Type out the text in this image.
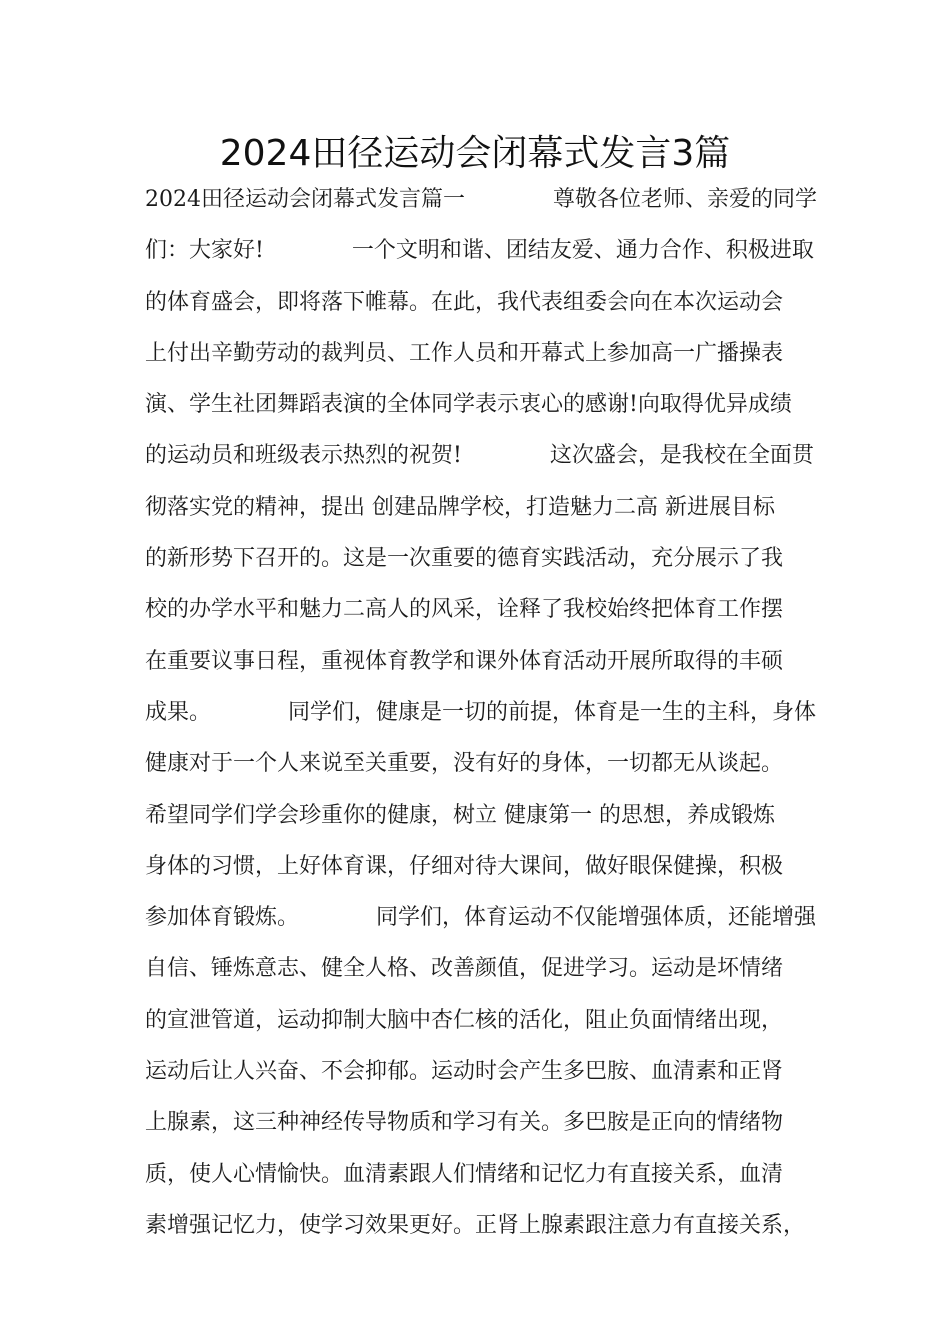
2024田径运动会闭幕式发言3篇
2024田径运动会闭幕式发言篇一　　　　尊敬各位老师、亲爱的同学
们：大家好!　　　　一个文明和谐、团结友爱、通力合作、积极进取
的体育盛会，即将落下帷幕。在此，我代表组委会向在本次运动会
上付出辛勤劳动的裁判员、工作人员和开幕式上参加高一广播操表
演、学生社团舞蹈表演的全体同学表示衷心的感谢!向取得优异成绩
的运动员和班级表示热烈的祝贺!　　　　这次盛会，是我校在全面贯
彻落实党的精神，提出 创建品牌学校，打造魅力二高 新进展目标
的新形势下召开的。这是一次重要的德育实践活动，充分展示了我
校的办学水平和魅力二高人的风采，诠释了我校始终把体育工作摆
在重要议事日程，重视体育教学和课外体育活动开展所取得的丰硕
成果。　　　　同学们，健康是一切的前提，体育是一生的主科，身体
健康对于一个人来说至关重要，没有好的身体，一切都无从谈起。
希望同学们学会珍重你的健康，树立 健康第一 的思想，养成锻炼
身体的习惯，上好体育课，仔细对待大课间，做好眼保健操，积极
参加体育锻炼。　　　　同学们，体育运动不仅能增强体质，还能增强
自信、锤炼意志、健全人格、改善颜值，促进学习。运动是坏情绪
的宣泄管道，运动抑制大脑中杏仁核的活化，阻止负面情绪出现，
运动后让人兴奋、不会抑郁。运动时会产生多巴胺、血清素和正肾
上腺素，这三种神经传导物质和学习有关。多巴胺是正向的情绪物
质，使人心情愉快。血清素跟人们情绪和记忆力有直接关系，血清
素增强记忆力，使学习效果更好。正肾上腺素跟注意力有直接关系，
